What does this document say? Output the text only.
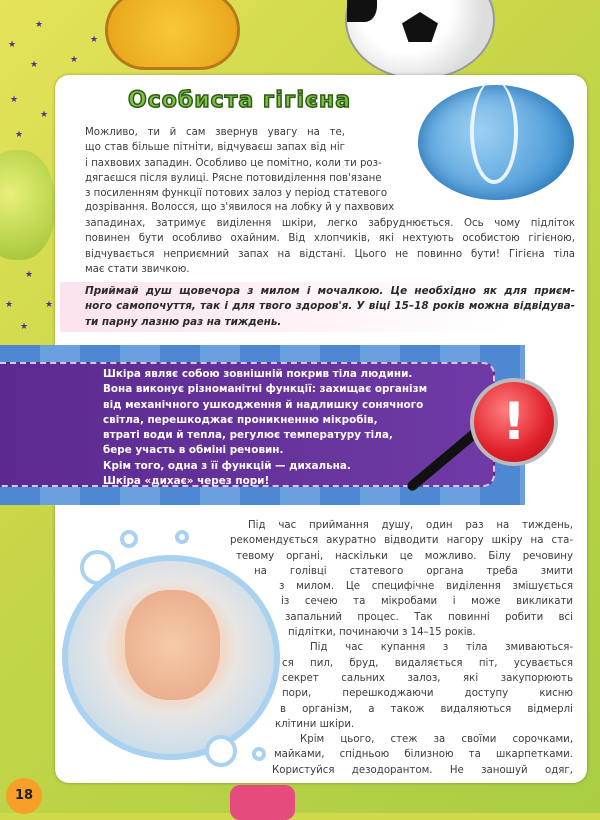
★
★
★
★
★
★
★	★
★
★
★
★
Особиста гігієна
Можливо, ти й сам звернув увагу на те,
що став більше пітніти, відчуваєш запах від ніг
і пахвових западин. Особливо це помітно, коли ти роз-
дягаєшся після вулиці. Рясне потовиділення пов'язане
з посиленням функції потових залоз у період статевого
дозрівання. Волосся, що з'явилося на лобку й у пахвових
западинах, затримує виділення шкіри, легко забруднюється. Ось чому підліток
повинен бути особливо охайним. Від хлопчиків, які нехтують особистою гігієною,
відчувається неприємний запах на відстані. Цього не повинно бути! Гігієна тіла
має стати звичкою.
Приймай душ щовечора з милом і мочалкою. Це необхідно як для приєм-
ного самопочуття, так і для твого здоров'я. У віці 15–18 років можна відвідува-
ти парну лазню раз на тиждень.
Шкіра являє собою зовнішній покрив тіла людини.
Вона виконує різноманітні функції: захищає організм
від механічного ушкодження й надлишку сонячного
світла, перешкоджає проникненню мікробів,
втраті води й тепла, регулює температуру тіла,
бере участь в обміні речовин.
Крім того, одна з її функцій — дихальна.
Шкіра «дихає» через пори!
!
Під час приймання душу, один раз на тиждень,
рекомендується акуратно відводити нагору шкіру на ста-
тевому органі, наскільки це можливо. Білу речовину
на голівці статевого органа треба змити
з милом. Це специфічне виділення змішується
із сечею та мікробами і може викликати
запальний процес. Так повинні робити всі
підлітки, починаючи з 14–15 років.
Під час купання з тіла змиваються-
ся пил, бруд, видаляється піт, усувається
секрет сальних залоз, які закупорюють
пори, перешкоджаючи доступу кисню
в організм, а також видаляються відмерлі
клітини шкіри.
Крім цього, стеж за своїми сорочками,
майками, спідньою білизною та шкарпетками.
Користуйся дезодорантом. Не заношуй одяг,
18
